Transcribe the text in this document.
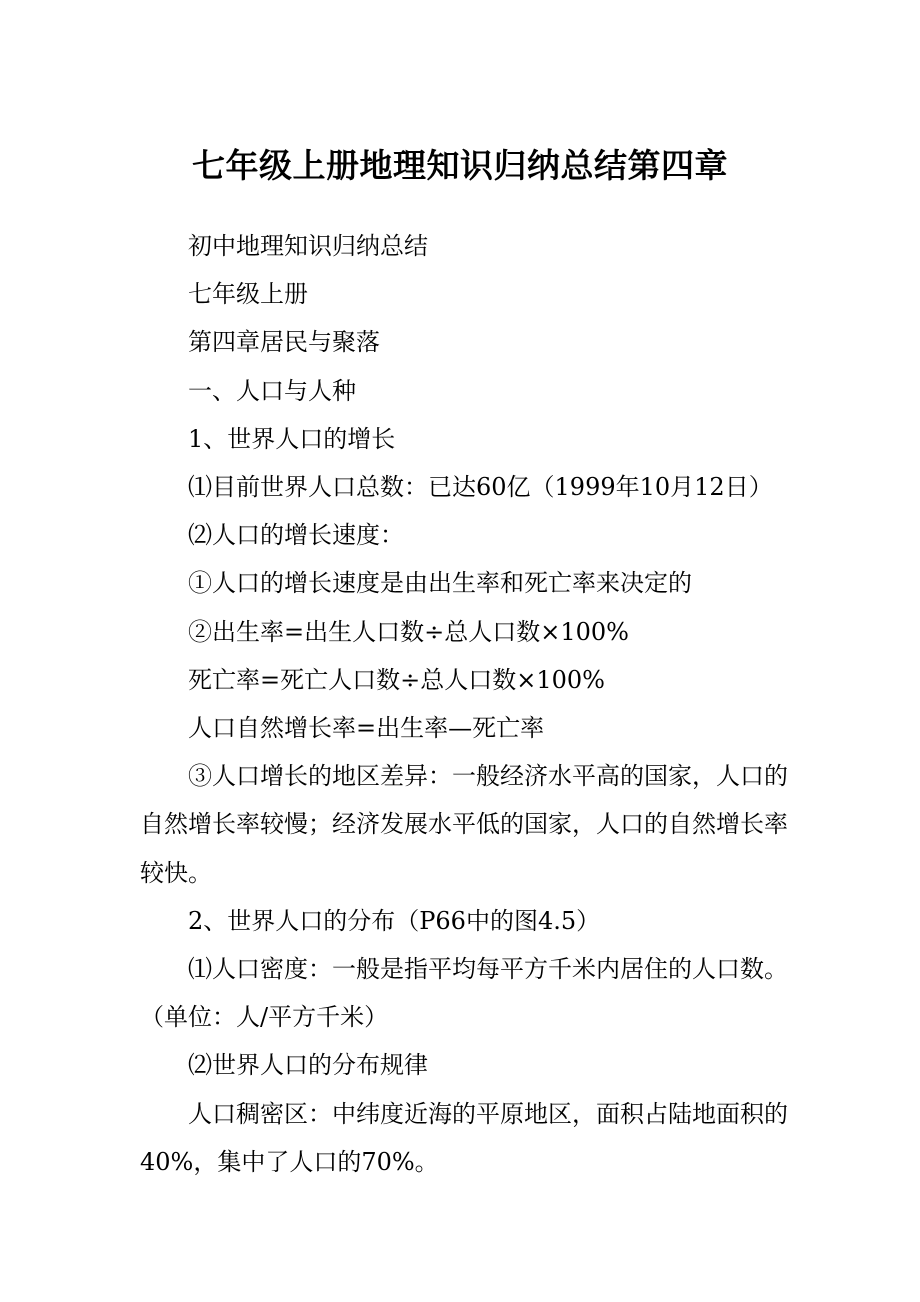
七年级上册地理知识归纳总结第四章

初中地理知识归纳总结

七年级上册

第四章居民与聚落

一、人口与人种

1、世界人口的增长

⑴目前世界人口总数：已达60亿（1999年10月12日）

⑵人口的增长速度：

①人口的增长速度是由出生率和死亡率来决定的

②出生率=出生人口数÷总人口数×100%

死亡率=死亡人口数÷总人口数×100%

人口自然增长率=出生率—死亡率

③人口增长的地区差异：一般经济水平高的国家，人口的自然增长率较慢；经济发展水平低的国家，人口的自然增长率较快。

2、世界人口的分布（P66中的图4.5）

⑴人口密度：一般是指平均每平方千米内居住的人口数。（单位：人/平方千米）

⑵世界人口的分布规律

人口稠密区：中纬度近海的平原地区，面积占陆地面积的40%，集中了人口的70%。
